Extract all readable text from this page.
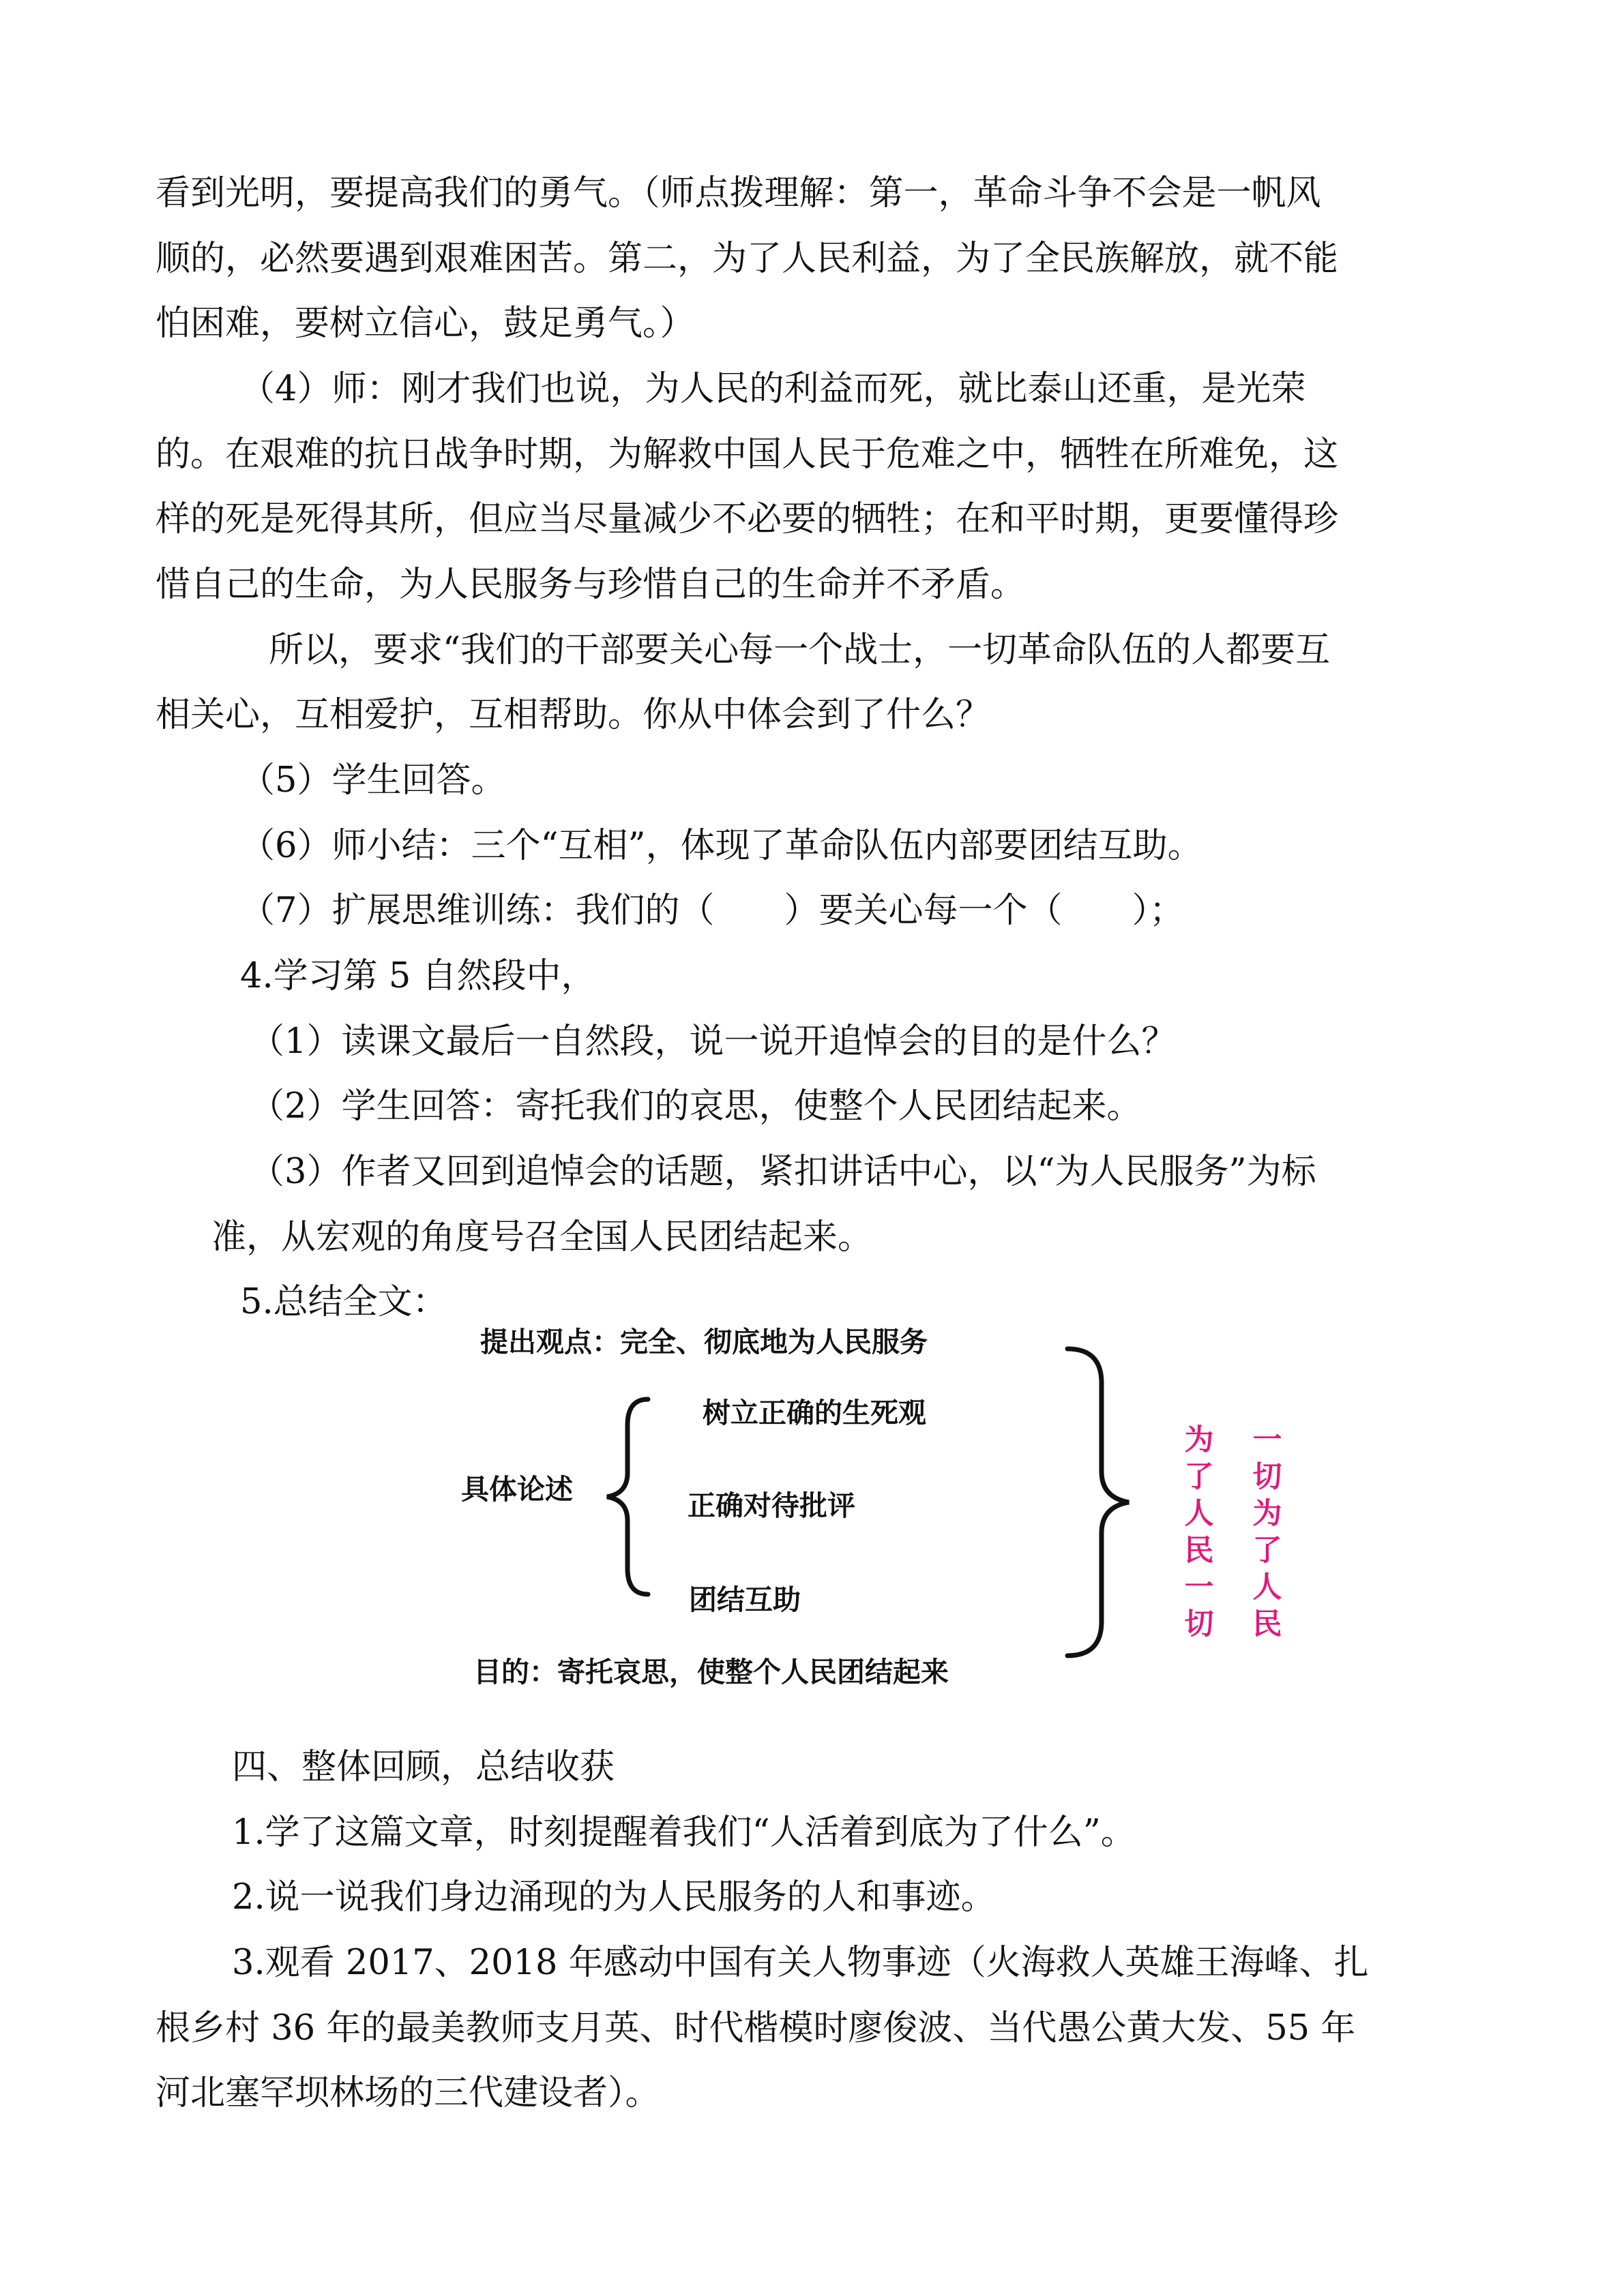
看到光明，要提高我们的勇气。（师点拨理解：第一，革命斗争不会是一帆风
顺的，必然要遇到艰难困苦。第二，为了人民利益，为了全民族解放，就不能
怕困难，要树立信心，鼓足勇气。）
（4）师：刚才我们也说，为人民的利益而死，就比泰山还重，是光荣
的。在艰难的抗日战争时期，为解救中国人民于危难之中，牺牲在所难免，这
样的死是死得其所，但应当尽量减少不必要的牺牲；在和平时期，更要懂得珍
惜自己的生命，为人民服务与珍惜自己的生命并不矛盾。
所以，要求“我们的干部要关心每一个战士，一切革命队伍的人都要互
相关心，互相爱护，互相帮助。你从中体会到了什么？
（5）学生回答。
（6）师小结：三个“互相”，体现了革命队伍内部要团结互助。
（7）扩展思维训练：我们的（　　）要关心每一个（　　）；
4.学习第 5 自然段中，
（1）读课文最后一自然段，说一说开追悼会的目的是什么？
（2）学生回答：寄托我们的哀思，使整个人民团结起来。
（3）作者又回到追悼会的话题，紧扣讲话中心，以“为人民服务”为标
准，从宏观的角度号召全国人民团结起来。
5.总结全文：
提出观点：完全、彻底地为人民服务
具体论述
树立正确的生死观
正确对待批评
团结互助
目的：寄托哀思，使整个人民团结起来
为了人民一切
一切为了人民
四、整体回顾，总结收获
1.学了这篇文章，时刻提醒着我们“人活着到底为了什么”。
2.说一说我们身边涌现的为人民服务的人和事迹。
3.观看 2017、2018 年感动中国有关人物事迹（火海救人英雄王海峰、扎
根乡村 36 年的最美教师支月英、时代楷模时廖俊波、当代愚公黄大发、55 年
河北塞罕坝林场的三代建设者）。
